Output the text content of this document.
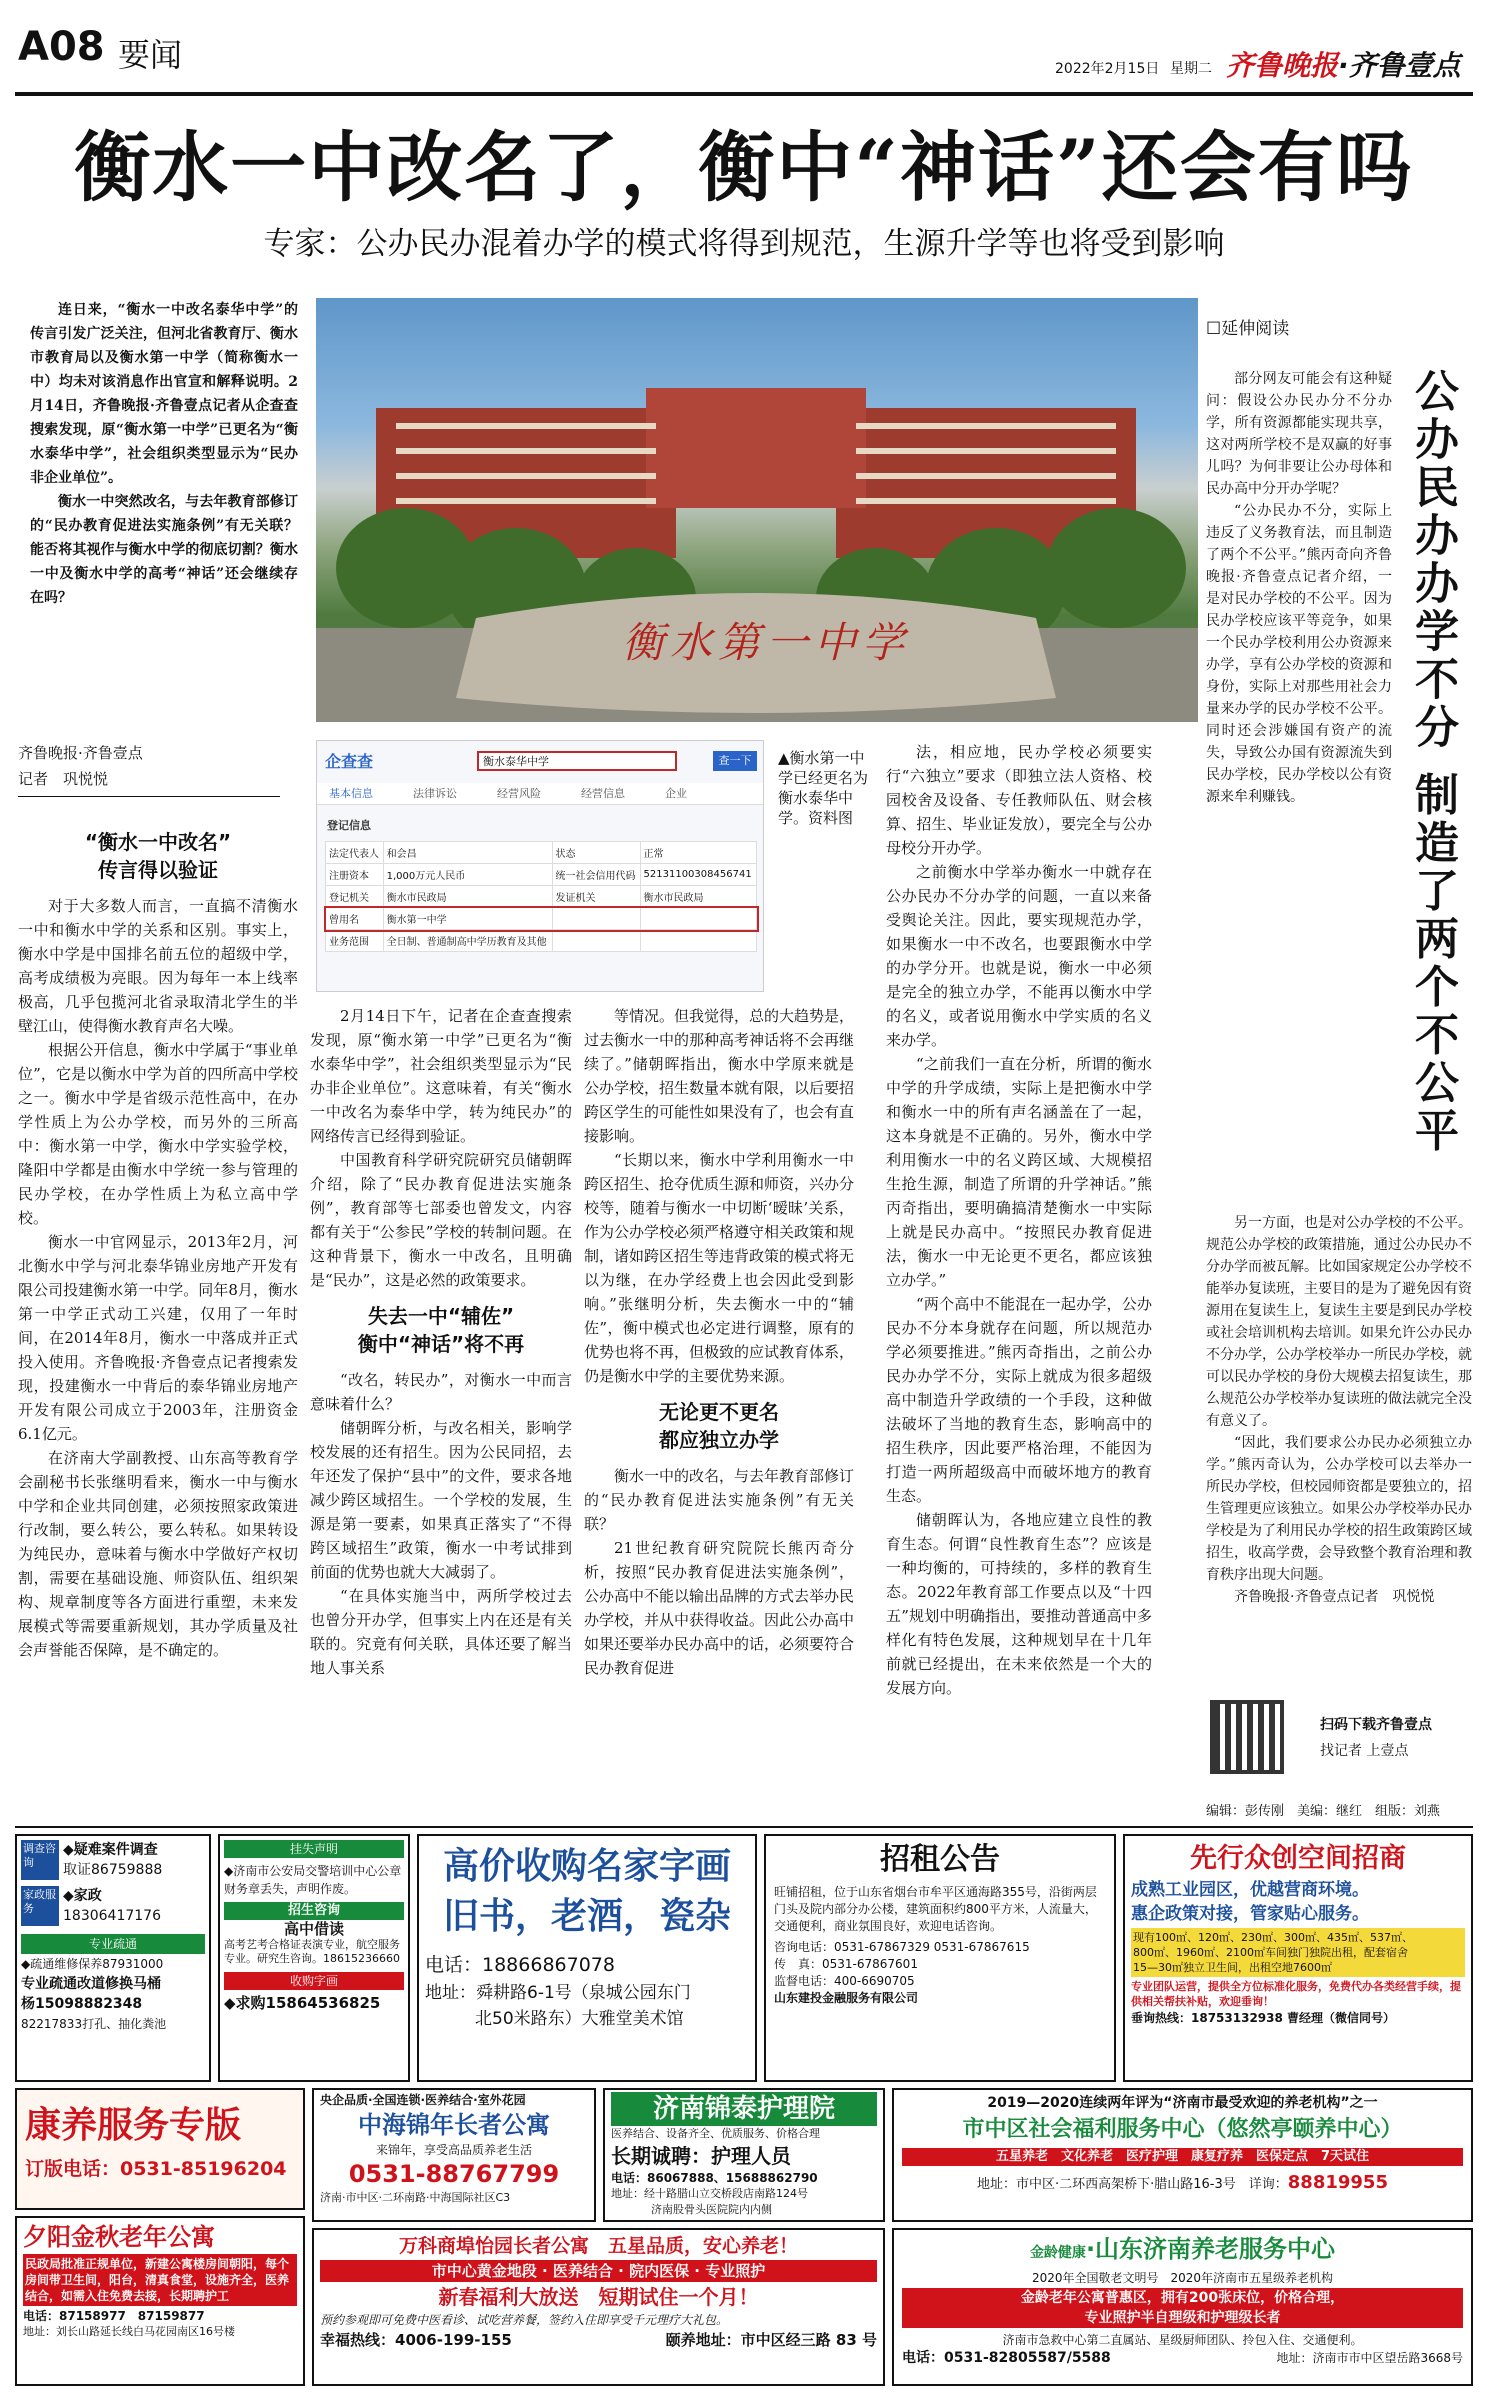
A08 要闻	2022年2月15日 星期二 齐鲁晚报·齐鲁壹点
衡水一中改名了，衡中“神话”还会有吗
专家：公办民办混着办学的模式将得到规范，生源升学等也将受到影响

连日来，“衡水一中改名泰华中学”的传言引发广泛关注，但河北省教育厅、衡水市教育局以及衡水第一中学（简称衡水一中）均未对该消息作出官宣和解释说明。2月14日，齐鲁晚报·齐鲁壹点记者从企查查搜索发现，原“衡水第一中学”已更名为“衡水泰华中学”，社会组织类型显示为“民办非企业单位”。

衡水一中突然改名，与去年教育部修订的“民办教育促进法实施条例”有无关联？能否将其视作与衡水中学的彻底切割？衡水一中及衡水中学的高考“神话”还会继续存在吗？

齐鲁晚报·齐鲁壹点
记者　巩悦悦
衡水第一中学
企查查	衡水泰华中学	查一下
基本信息	法律诉讼	经营风险	经营信息	企业
登记信息
法定代表人	和会昌	状态	正常
注册资本	1,000万元人民币	统一社会信用代码	52131100308456741
登记机关	衡水市民政局	发证机关	衡水市民政局
曾用名	衡水第一中学		
业务范围	全日制、普通制高中学历教育及其他		
▲衡水第一中学已经更名为衡水泰华中学。资料图
“衡水一中改名”
传言得以验证

对于大多数人而言，一直搞不清衡水一中和衡水中学的关系和区别。事实上，衡水中学是中国排名前五位的超级中学，高考成绩极为亮眼。因为每年一本上线率极高，几乎包揽河北省录取清北学生的半壁江山，使得衡水教育声名大噪。

根据公开信息，衡水中学属于“事业单位”，它是以衡水中学为首的四所高中学校之一。衡水中学是省级示范性高中，在办学性质上为公办学校，而另外的三所高中：衡水第一中学，衡水中学实验学校，隆阳中学都是由衡水中学统一参与管理的民办学校，在办学性质上为私立高中学校。

衡水一中官网显示，2013年2月，河北衡水中学与河北泰华锦业房地产开发有限公司投建衡水第一中学。同年8月，衡水第一中学正式动工兴建，仅用了一年时间，在2014年8月，衡水一中落成并正式投入使用。齐鲁晚报·齐鲁壹点记者搜索发现，投建衡水一中背后的泰华锦业房地产开发有限公司成立于2003年，注册资金6.1亿元。

在济南大学副教授、山东高等教育学会副秘书长张继明看来，衡水一中与衡水中学和企业共同创建，必须按照家政策进行改制，要么转公，要么转私。如果转设为纯民办，意味着与衡水中学做好产权切割，需要在基础设施、师资队伍、组织架构、规章制度等各方面进行重塑，未来发展模式等需要重新规划，其办学质量及社会声誉能否保障，是不确定的。

2月14日下午，记者在企查查搜索发现，原“衡水第一中学”已更名为“衡水泰华中学”，社会组织类型显示为“民办非企业单位”。这意味着，有关“衡水一中改名为泰华中学，转为纯民办”的网络传言已经得到验证。

中国教育科学研究院研究员储朝晖介绍，除了“民办教育促进法实施条例”，教育部等七部委也曾发文，内容都有关于“公参民”学校的转制问题。在这种背景下，衡水一中改名，且明确是“民办”，这是必然的政策要求。

失去一中“辅佐”
衡中“神话”将不再

“改名，转民办”，对衡水一中而言意味着什么？

储朝晖分析，与改名相关，影响学校发展的还有招生。因为公民同招，去年还发了保护“县中”的文件，要求各地减少跨区域招生。一个学校的发展，生源是第一要素，如果真正落实了“不得跨区域招生”政策，衡水一中考试排到前面的优势也就大大减弱了。

“在具体实施当中，两所学校过去也曾分开办学，但事实上内在还是有关联的。究竟有何关联，具体还要了解当地人事关系

等情况。但我觉得，总的大趋势是，过去衡水一中的那种高考神话将不会再继续了。”储朝晖指出，衡水中学原来就是公办学校，招生数量本就有限，以后要招跨区学生的可能性如果没有了，也会有直接影响。

“长期以来，衡水中学利用衡水一中跨区招生、抢夺优质生源和师资，兴办分校等，随着与衡水一中切断‘暧昧’关系，作为公办学校必须严格遵守相关政策和规制，诸如跨区招生等违背政策的模式将无以为继，在办学经费上也会因此受到影响。”张继明分析，失去衡水一中的“辅佐”，衡中模式也必定进行调整，原有的优势也将不再，但极致的应试教育体系，仍是衡水中学的主要优势来源。

无论更不更名
都应独立办学

衡水一中的改名，与去年教育部修订的“民办教育促进法实施条例”有无关联？

21世纪教育研究院院长熊丙奇分析，按照“民办教育促进法实施条例”，公办高中不能以输出品牌的方式去举办民办学校，并从中获得收益。因此公办高中如果还要举办民办高中的话，必须要符合民办教育促进

法，相应地，民办学校必须要实行“六独立”要求（即独立法人资格、校园校舍及设备、专任教师队伍、财会核算、招生、毕业证发放），要完全与公办母校分开办学。

之前衡水中学举办衡水一中就存在公办民办不分办学的问题，一直以来备受舆论关注。因此，要实现规范办学，如果衡水一中不改名，也要跟衡水中学的办学分开。也就是说，衡水一中必须是完全的独立办学，不能再以衡水中学的名义，或者说用衡水中学实质的名义来办学。

“之前我们一直在分析，所谓的衡水中学的升学成绩，实际上是把衡水中学和衡水一中的所有声名涵盖在了一起，这本身就是不正确的。另外，衡水中学利用衡水一中的名义跨区域、大规模招生抢生源，制造了所谓的升学神话。”熊丙奇指出，要明确搞清楚衡水一中实际上就是民办高中。“按照民办教育促进法，衡水一中无论更不更名，都应该独立办学。”

“两个高中不能混在一起办学，公办民办不分本身就存在问题，所以规范办学必须要推进。”熊丙奇指出，之前公办民办办学不分，实际上就成为很多超级高中制造升学政绩的一个手段，这种做法破坏了当地的教育生态，影响高中的招生秩序，因此要严格治理，不能因为打造一两所超级高中而破坏地方的教育生态。

储朝晖认为，各地应建立良性的教育生态。何谓“良性教育生态”？应该是一种均衡的，可持续的，多样的教育生态。2022年教育部工作要点以及“十四五”规划中明确指出，要推动普通高中多样化有特色发展，这种规划早在十几年前就已经提出，在未来依然是一个大的发展方向。

☐延伸阅读
公办民办办学不分 制造了两个不公平

部分网友可能会有这种疑问：假设公办民办分不分办学，所有资源都能实现共享，这对两所学校不是双赢的好事儿吗？为何非要让公办母体和民办高中分开办学呢？

“公办民办不分，实际上违反了义务教育法，而且制造了两个不公平。”熊丙奇向齐鲁晚报·齐鲁壹点记者介绍，一是对民办学校的不公平。因为民办学校应该平等竞争，如果一个民办学校利用公办资源来办学，享有公办学校的资源和身份，实际上对那些用社会力量来办学的民办学校不公平。同时还会涉嫌国有资产的流失，导致公办国有资源流失到民办学校，民办学校以公有资源来牟利赚钱。

另一方面，也是对公办学校的不公平。规范公办学校的政策措施，通过公办民办不分办学而被瓦解。比如国家规定公办学校不能举办复读班，主要目的是为了避免因有资源用在复读生上，复读生主要是到民办学校或社会培训机构去培训。如果允许公办民办不分办学，公办学校举办一所民办学校，就可以民办学校的身份大规模去招复读生，那么规范公办学校举办复读班的做法就完全没有意义了。

“因此，我们要求公办民办必须独立办学。”熊丙奇认为，公办学校可以去举办一所民办学校，但校园师资都是要独立的，招生管理更应该独立。如果公办学校举办民办学校是为了利用民办学校的招生政策跨区域招生，收高学费，会导致整个教育治理和教育秩序出现大问题。

齐鲁晚报·齐鲁壹点记者　巩悦悦

扫码下载齐鲁壹点
找记者 上壹点
编辑：彭传刚　美编：继红　组版：刘燕
调查咨询
◆疑难案件调查
取证86759888
家政服务
◆家政
18306417176
专业疏通
◆疏通维修保养87931000
专业疏通改道修换马桶
杨15098882348
82217833打孔、抽化粪池
挂失声明
◆济南市公安局交警培训中心公章财务章丢失，声明作废。
招生咨询
高中借读
高考艺考合格证表演专业，航空服务专业。研究生咨询。18615236660
收购字画
◆求购15864536825
高价收购名家字画
旧书，老酒，瓷杂
电话：18866867078
地址：舜耕路6-1号（泉城公园东门
北50米路东）大雅堂美术馆
招租公告
旺铺招租，位于山东省烟台市牟平区通海路355号，沿街两层门头及院内部分办公楼，建筑面积约800平方米，人流量大，交通便利，商业氛围良好，欢迎电话咨询。
咨询电话：0531-67867329 0531-67867615
传　真：0531-67867601
监督电话：400-6690705
山东建投金融服务有限公司
先行众创空间招商
成熟工业园区，优越营商环境。
惠企政策对接，管家贴心服务。
现有100㎡、120㎡、230㎡、300㎡、435㎡、537㎡、
800㎡、1960㎡、2100㎡车间独门独院出租，配套宿舍
15—30㎡独立卫生间，出租空地7600㎡
专业团队运营，提供全方位标准化服务，免费代办各类经营手续，提供相关帮扶补贴，欢迎垂询！
垂询热线：18753132938 曹经理（微信同号）
康养服务专版
订版电话：0531-85196204
央企品质·全国连锁·医养结合·室外花园
中海锦年长者公寓
来锦年，享受高品质养老生活
0531-88767799
济南·市中区·二环南路·中海国际社区C3
济南锦泰护理院
医养结合、设备齐全、优质服务、价格合理
长期诚聘：护理人员
电话：86067888、15688862790
地址：经十路腊山立交桥段店南路124号
济南股骨头医院院内内侧
2019—2020连续两年评为“济南市最受欢迎的养老机构”之一
市中区社会福利服务中心（悠然亭颐养中心）
五星养老　文化养老　医疗护理　康复疗养　医保定点　7天试住
地址：市中区·二环西高架桥下·腊山路16-3号　详询：88819955
夕阳金秋老年公寓
民政局批准正规单位，新建公寓楼房间朝阳，每个房间带卫生间，阳台，清真食堂，设施齐全，医养结合，如需入住免费去接，长期聘护工
电话：87158977　87159877
地址：刘长山路延长线白马花园南区16号楼
万科商埠怡园长者公寓　五星品质，安心养老！
市中心黄金地段 · 医养结合 · 院内医保 · 专业照护
新春福利大放送　短期试住一个月！
预约参观即可免费中医看诊、试吃营养餐，签约入住即享受千元理疗大礼包。
幸福热线：4006-199-155	颐养地址：市中区经三路 83 号
金龄健康·山东济南养老服务中心
2020年全国敬老文明号　2020年济南市五星级养老机构
金龄老年公寓普惠区，拥有200张床位，价格合理，
专业照护半自理级和护理级长者
济南市急救中心第二直属站、星级厨师团队、拎包入住、交通便利。
电话：0531-82805587/5588	地址：济南市市中区望岳路3668号
